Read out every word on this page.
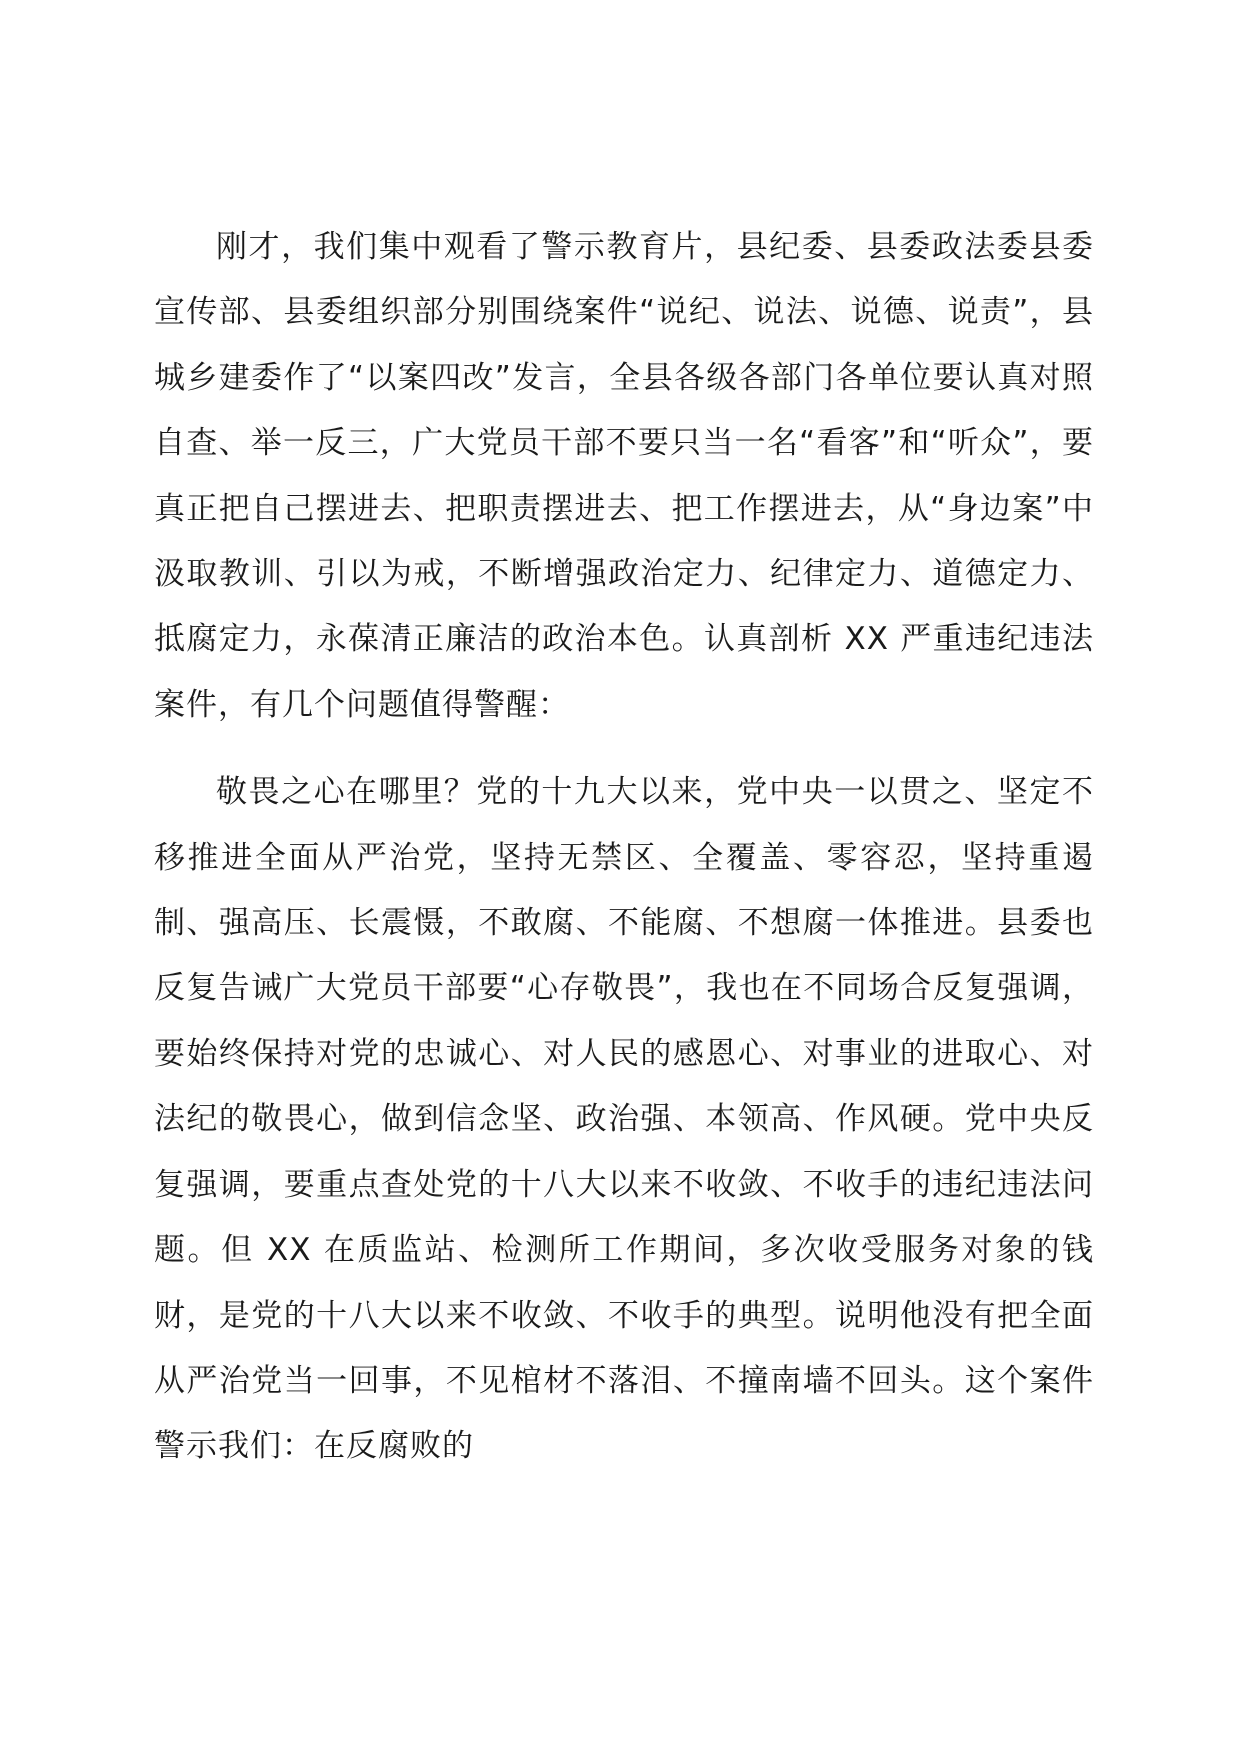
刚才，我们集中观看了警示教育片，县纪委、县委政法委县委宣传部、县委组织部分别围绕案件“说纪、说法、说德、说责”，县城乡建委作了“以案四改”发言，全县各级各部门各单位要认真对照自查、举一反三，广大党员干部不要只当一名“看客”和“听众”，要真正把自己摆进去、把职责摆进去、把工作摆进去，从“身边案”中汲取教训、引以为戒，不断增强政治定力、纪律定力、道德定力、抵腐定力，永葆清正廉洁的政治本色。认真剖析 XX 严重违纪违法案件，有几个问题值得警醒：

敬畏之心在哪里？党的十九大以来，党中央一以贯之、坚定不移推进全面从严治党，坚持无禁区、全覆盖、零容忍，坚持重遏制、强高压、长震慑，不敢腐、不能腐、不想腐一体推进。县委也反复告诫广大党员干部要“心存敬畏”，我也在不同场合反复强调，要始终保持对党的忠诚心、对人民的感恩心、对事业的进取心、对法纪的敬畏心，做到信念坚、政治强、本领高、作风硬。党中央反复强调，要重点查处党的十八大以来不收敛、不收手的违纪违法问题。但 XX 在质监站、检测所工作期间，多次收受服务对象的钱财，是党的十八大以来不收敛、不收手的典型。说明他没有把全面从严治党当一回事，不见棺材不落泪、不撞南墙不回头。这个案件警示我们：在反腐败的
